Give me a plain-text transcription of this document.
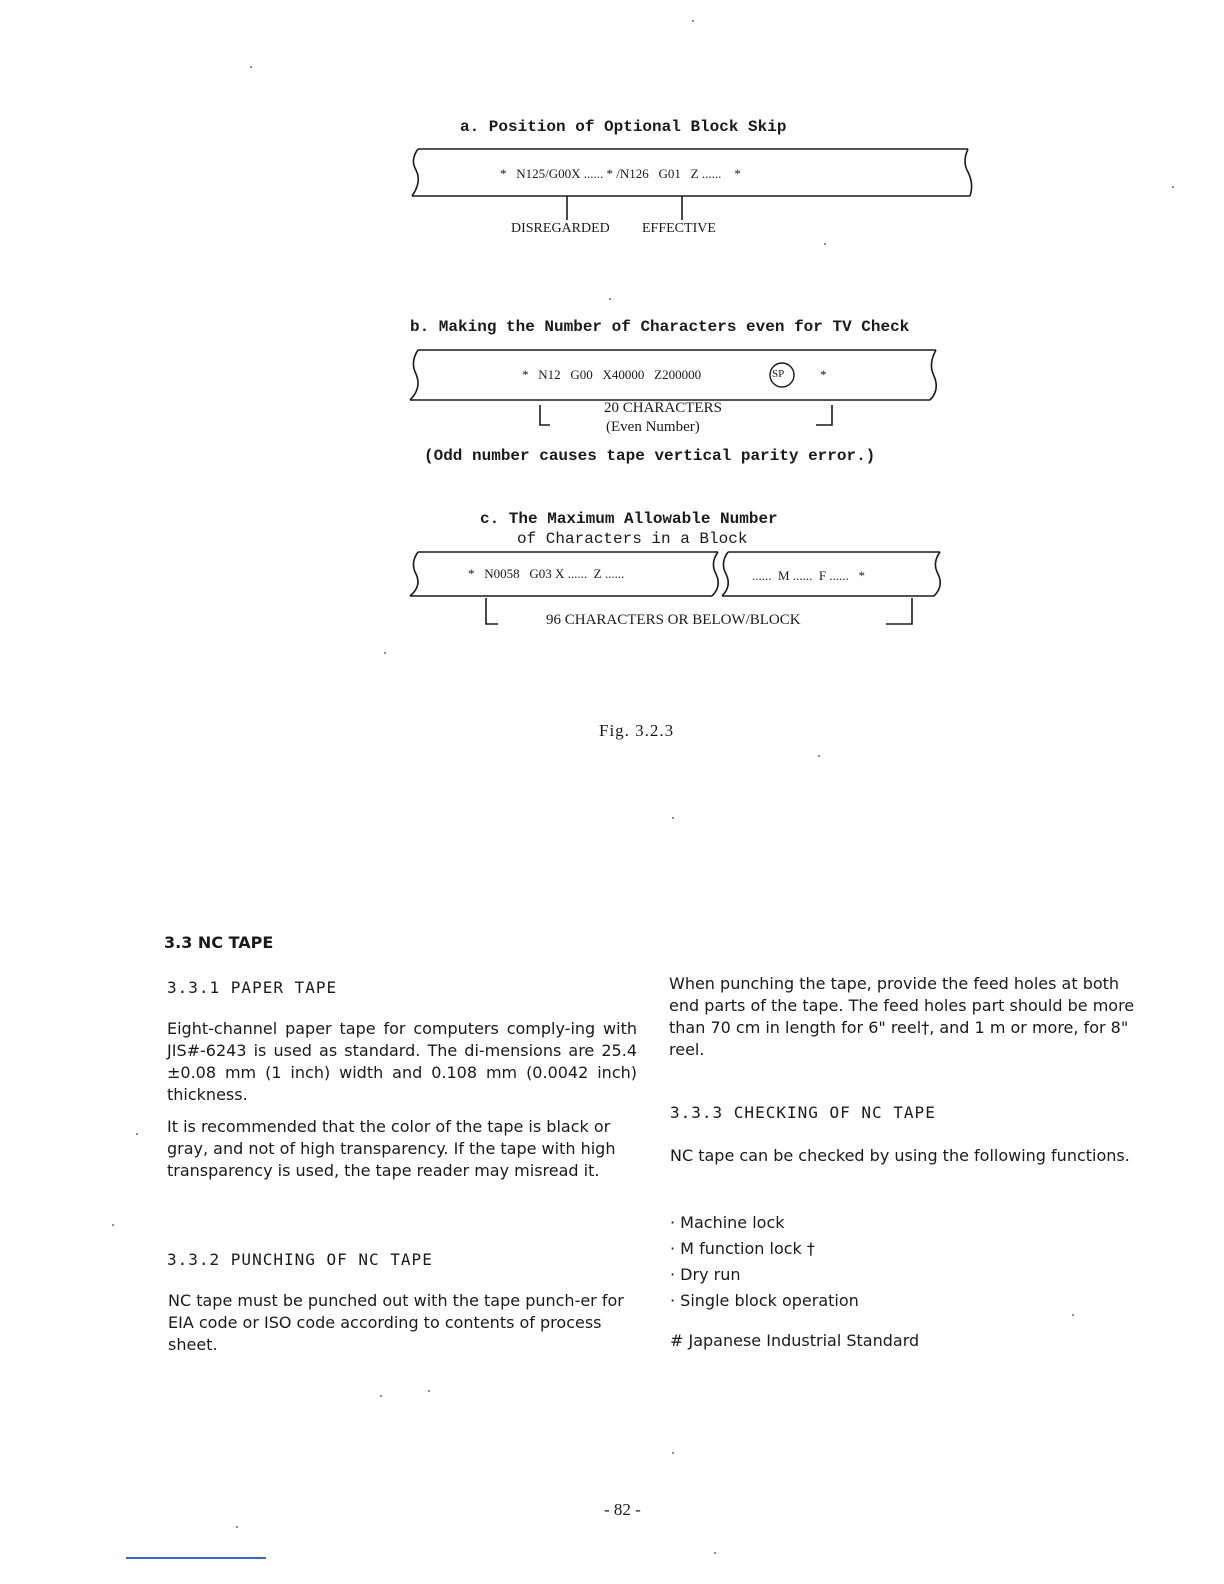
a. Position of Optional Block Skip
b. Making the Number of Characters even for TV Check
c. The Maximum Allowable Number
of Characters in a Block
* N125/G00X ...... * /N126 G01 Z ...... *
DISREGARDED EFFECTIVE
* N12 G00 X40000 Z200000	SP	*
20 CHARACTERS
(Even Number)
(Odd number causes tape vertical parity error.)
* N0058 G03 X ...... Z ......	...... M ...... F ...... *
96 CHARACTERS OR BELOW/BLOCK
Fig. 3.2.3
3.3 NC TAPE
3.3.1 PAPER TAPE

Eight-channel paper tape for computers comply-ing with JIS#-6243 is used as standard. The di-mensions are 25.4 ±0.08 mm (1 inch) width and 0.108 mm (0.0042 inch) thickness.

It is recommended that the color of the tape is black or gray, and not of high transparency. If the tape with high transparency is used, the tape reader may misread it.

3.3.2 PUNCHING OF NC TAPE
NC tape must be punched out with the tape punch-er for EIA code or ISO code according to contents of process sheet.
When punching the tape, provide the feed holes at both end parts of the tape. The feed holes part should be more than 70 cm in length for 6" reel†, and 1 m or more, for 8" reel.
3.3.3 CHECKING OF NC TAPE
NC tape can be checked by using the following functions.
· Machine lock
· M function lock †
· Dry run
· Single block operation
# Japanese Industrial Standard
- 82 -
